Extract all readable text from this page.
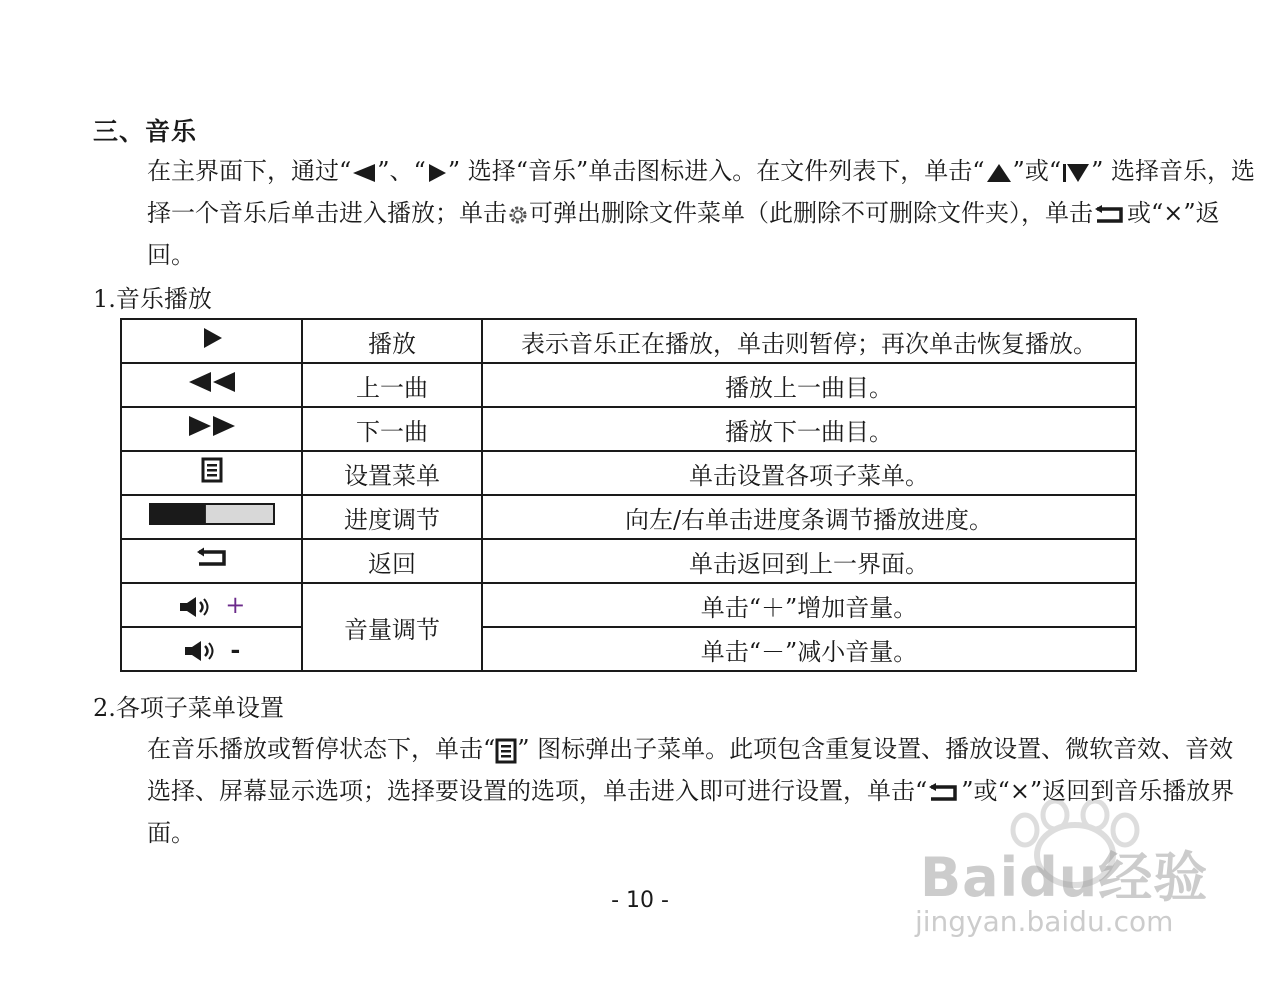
三、音乐
在主界面下，通过“ ”、“ ” 选择“音乐”单击图标进入。在文件列表下，单击“ ”或“ ” 选择音乐，选择一个音乐后单击进入播放；单击 可弹出删除文件菜单（此删除不可删除文件夹），单击 或“×”返回。
1.音乐播放
	播放	表示音乐正在播放，单击则暂停；再次单击恢复播放。
	上一曲	播放上一曲目。
	下一曲	播放下一曲目。
	设置菜单	单击设置各项子菜单。
	进度调节	向左/右单击进度条调节播放进度。
	返回	单击返回到上一界面。
+	音量调节	单击“＋”增加音量。
-		单击“－”减小音量。
2.各项子菜单设置
在音乐播放或暂停状态下，单击“ ” 图标弹出子菜单。此项包含重复设置、播放设置、微软音效、音效选择、屏幕显示选项；选择要设置的选项，单击进入即可进行设置，单击“ ”或“×”返回到音乐播放界面。
- 10 -	Baidu经验
jingyan.baidu.com
